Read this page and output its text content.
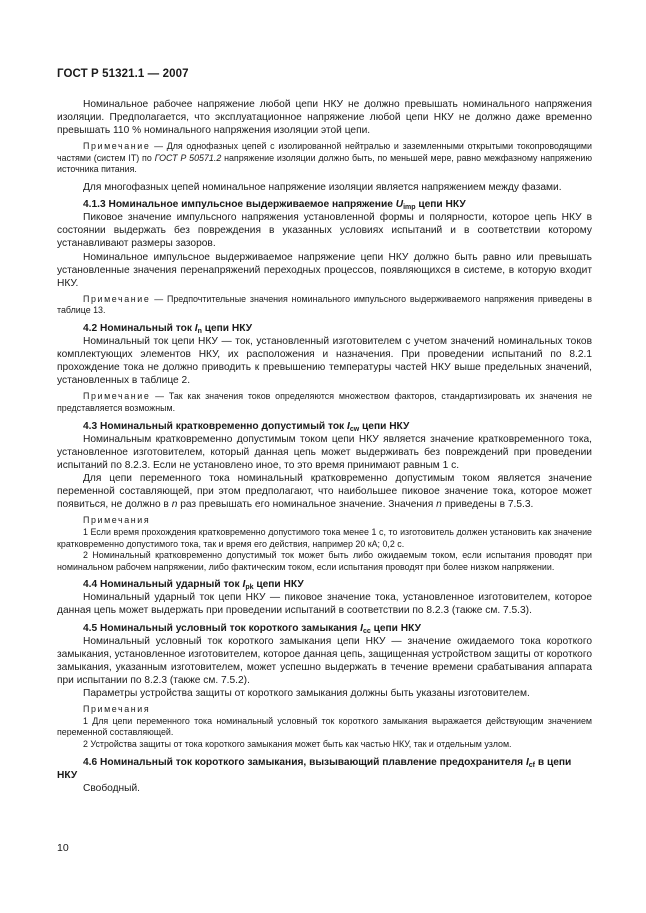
ГОСТ Р 51321.1 — 2007

Номинальное рабочее напряжение любой цепи НКУ не должно превышать номинального напряжения изоляции. Предполагается, что эксплуатационное напряжение любой цепи НКУ не должно даже временно превышать 110 % номинального напряжения изоляции этой цепи.

Примечание — Для однофазных цепей с изолированной нейтралью и заземленными открытыми токопроводящими частями (систем IT) по ГОСТ Р 50571.2 напряжение изоляции должно быть, по меньшей мере, равно межфазному напряжению источника питания.

Для многофазных цепей номинальное напряжение изоляции является напряжением между фазами.

4.1.3 Номинальное импульсное выдерживаемое напряжение $U_{imp}$ цепи НКУ

Пиковое значение импульсного напряжения установленной формы и полярности, которое цепь НКУ в состоянии выдержать без повреждения в указанных условиях испытаний и в соответствии которому устанавливают размеры зазоров.

Номинальное импульсное выдерживаемое напряжение цепи НКУ должно быть равно или превышать установленные значения перенапряжений переходных процессов, появляющихся в системе, в которую входит НКУ.

Примечание — Предпочтительные значения номинального импульсного выдерживаемого напряжения приведены в таблице 13.

4.2 Номинальный ток $I_n$ цепи НКУ

Номинальный ток цепи НКУ — ток, установленный изготовителем с учетом значений номинальных токов комплектующих элементов НКУ, их расположения и назначения. При проведении испытаний по 8.2.1 прохождение тока не должно приводить к превышению температуры частей НКУ выше предельных значений, установленных в таблице 2.

Примечание — Так как значения токов определяются множеством факторов, стандартизировать их значения не представляется возможным.

4.3 Номинальный кратковременно допустимый ток $I_{cw}$ цепи НКУ

Номинальным кратковременно допустимым током цепи НКУ является значение кратковременного тока, установленное изготовителем, который данная цепь может выдерживать без повреждений при проведении испытаний по 8.2.3. Если не установлено иное, то это время принимают равным 1 с.

Для цепи переменного тока номинальный кратковременно допустимым током является значение переменной составляющей, при этом предполагают, что наибольшее пиковое значение тока, которое может появиться, не должно в n раз превышать его номинальное значение. Значения n приведены в 7.5.3.

Примечания

1 Если время прохождения кратковременно допустимого тока менее 1 с, то изготовитель должен установить как значение кратковременно допустимого тока, так и время его действия, например 20 кА; 0,2 с.

2 Номинальный кратковременно допустимый ток может быть либо ожидаемым током, если испытания проводят при номинальном рабочем напряжении, либо фактическим током, если испытания проводят при более низком напряжении.

4.4 Номинальный ударный ток $I_{pk}$ цепи НКУ

Номинальный ударный ток цепи НКУ — пиковое значение тока, установленное изготовителем, которое данная цепь может выдержать при проведении испытаний в соответствии по 8.2.3 (также см. 7.5.3).

4.5 Номинальный условный ток короткого замыкания $I_{cc}$ цепи НКУ

Номинальный условный ток короткого замыкания цепи НКУ — значение ожидаемого тока короткого замыкания, установленное изготовителем, которое данная цепь, защищенная устройством защиты от короткого замыкания, указанным изготовителем, может успешно выдержать в течение времени срабатывания аппарата при испытании по 8.2.3 (также см. 7.5.2).

Параметры устройства защиты от короткого замыкания должны быть указаны изготовителем.

Примечания

1 Для цепи переменного тока номинальный условный ток короткого замыкания выражается действующим значением переменной составляющей.

2 Устройства защиты от тока короткого замыкания может быть как частью НКУ, так и отдельным узлом.

4.6 Номинальный ток короткого замыкания, вызывающий плавление предохранителя $I_{cf}$ в цепи НКУ

Свободный.

10
